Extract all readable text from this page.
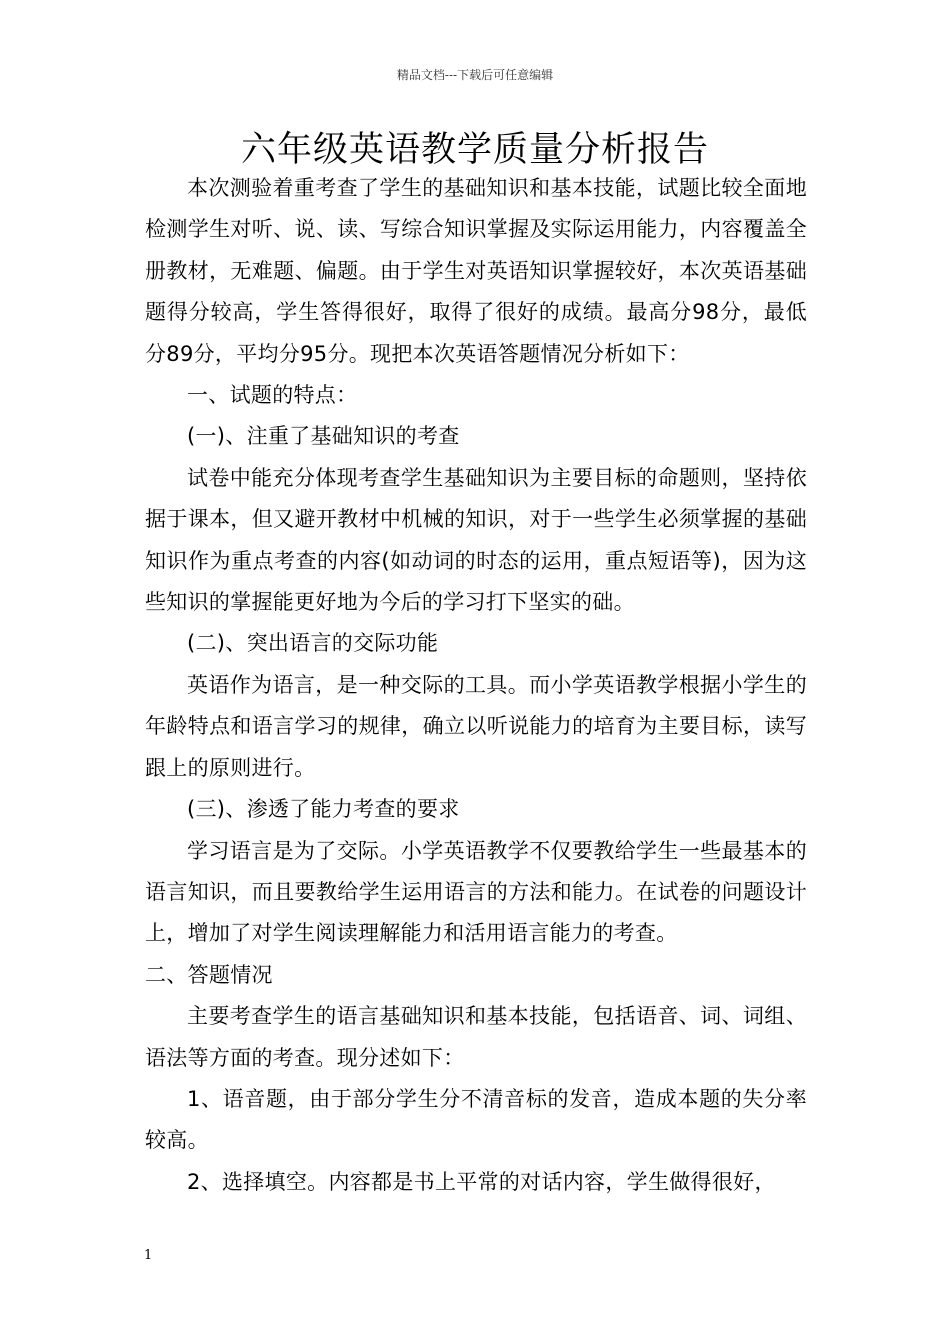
精品文档---下载后可任意编辑
六年级英语教学质量分析报告

本次测验着重考查了学生的基础知识和基本技能，试题比较全面地检测学生对听、说、读、写综合知识掌握及实际运用能力，内容覆盖全册教材，无难题、偏题。由于学生对英语知识掌握较好，本次英语基础题得分较高，学生答得很好，取得了很好的成绩。最高分98分，最低分89分，平均分95分。现把本次英语答题情况分析如下：

一、试题的特点：

(一)、注重了基础知识的考查

试卷中能充分体现考查学生基础知识为主要目标的命题则，坚持依据于课本，但又避开教材中机械的知识，对于一些学生必须掌握的基础知识作为重点考查的内容(如动词的时态的运用，重点短语等)，因为这些知识的掌握能更好地为今后的学习打下坚实的础。

(二)、突出语言的交际功能

英语作为语言，是一种交际的工具。而小学英语教学根据小学生的年龄特点和语言学习的规律，确立以听说能力的培育为主要目标，读写跟上的原则进行。

(三)、渗透了能力考查的要求

学习语言是为了交际。小学英语教学不仅要教给学生一些最基本的语言知识，而且要教给学生运用语言的方法和能力。在试卷的问题设计上，增加了对学生阅读理解能力和活用语言能力的考查。

二、答题情况

主要考查学生的语言基础知识和基本技能，包括语音、词、词组、语法等方面的考查。现分述如下：

1、语音题，由于部分学生分不清音标的发音，造成本题的失分率较高。

2、选择填空。内容都是书上平常的对话内容，学生做得很好，

1
